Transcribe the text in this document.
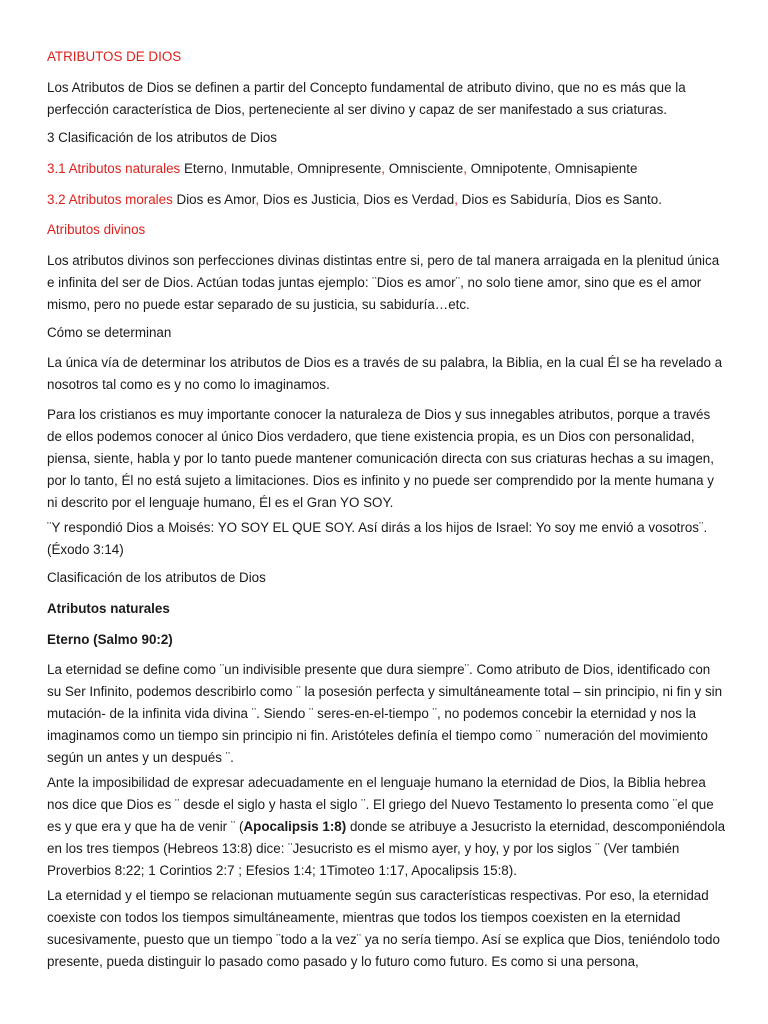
ATRIBUTOS DE DIOS

Los Atributos de Dios se definen a partir del Concepto fundamental de atributo divino, que no es más que la perfección característica de Dios, perteneciente al ser divino y capaz de ser manifestado a sus criaturas.

3 Clasificación de los atributos de Dios

3.1 Atributos naturales Eterno, Inmutable, Omnipresente, Omnisciente, Omnipotente, Omnisapiente

3.2 Atributos morales Dios es Amor, Dios es Justicia, Dios es Verdad, Dios es Sabiduría, Dios es Santo.

Atributos divinos

Los atributos divinos son perfecciones divinas distintas entre si, pero de tal manera arraigada en la plenitud única e infinita del ser de Dios. Actúan todas juntas ejemplo: ¨Dios es amor¨, no solo tiene amor, sino que es el amor mismo, pero no puede estar separado de su justicia, su sabiduría…etc.

Cómo se determinan

La única vía de determinar los atributos de Dios es a través de su palabra, la Biblia, en la cual Él se ha revelado a nosotros tal como es y no como lo imaginamos.

Para los cristianos es muy importante conocer la naturaleza de Dios y sus innegables atributos, porque a través de ellos podemos conocer al único Dios verdadero, que tiene existencia propia, es un Dios con personalidad, piensa, siente, habla y por lo tanto puede mantener comunicación directa con sus criaturas hechas a su imagen, por lo tanto, Él no está sujeto a limitaciones. Dios es infinito y no puede ser comprendido por la mente humana y ni descrito por el lenguaje humano, Él es el Gran YO SOY.

¨Y respondió Dios a Moisés: YO SOY EL QUE SOY. Así dirás a los hijos de Israel: Yo soy me envió a vosotros¨. (Éxodo 3:14)

Clasificación de los atributos de Dios

Atributos naturales

Eterno (Salmo 90:2)

La eternidad se define como ¨un indivisible presente que dura siempre¨. Como atributo de Dios, identificado con su Ser Infinito, podemos describirlo como ¨ la posesión perfecta y simultáneamente total – sin principio, ni fin y sin mutación- de la infinita vida divina ¨. Siendo ¨ seres-en-el-tiempo ¨, no podemos concebir la eternidad y nos la imaginamos como un tiempo sin principio ni fin. Aristóteles definía el tiempo como ¨ numeración del movimiento según un antes y un después ¨.

Ante la imposibilidad de expresar adecuadamente en el lenguaje humano la eternidad de Dios, la Biblia hebrea nos dice que Dios es ¨ desde el siglo y hasta el siglo ¨. El griego del Nuevo Testamento lo presenta como ¨el que es y que era y que ha de venir ¨ (Apocalipsis 1:8) donde se atribuye a Jesucristo la eternidad, descomponiéndola en los tres tiempos (Hebreos 13:8) dice: ¨Jesucristo es el mismo ayer, y hoy, y por los siglos ¨ (Ver también Proverbios 8:22; 1 Corintios 2:7 ; Efesios 1:4; 1Timoteo 1:17, Apocalipsis 15:8).

La eternidad y el tiempo se relacionan mutuamente según sus características respectivas. Por eso, la eternidad coexiste con todos los tiempos simultáneamente, mientras que todos los tiempos coexisten en la eternidad sucesivamente, puesto que un tiempo ¨todo a la vez¨ ya no sería tiempo. Así se explica que Dios, teniéndolo todo presente, pueda distinguir lo pasado como pasado y lo futuro como futuro. Es como si una persona,
